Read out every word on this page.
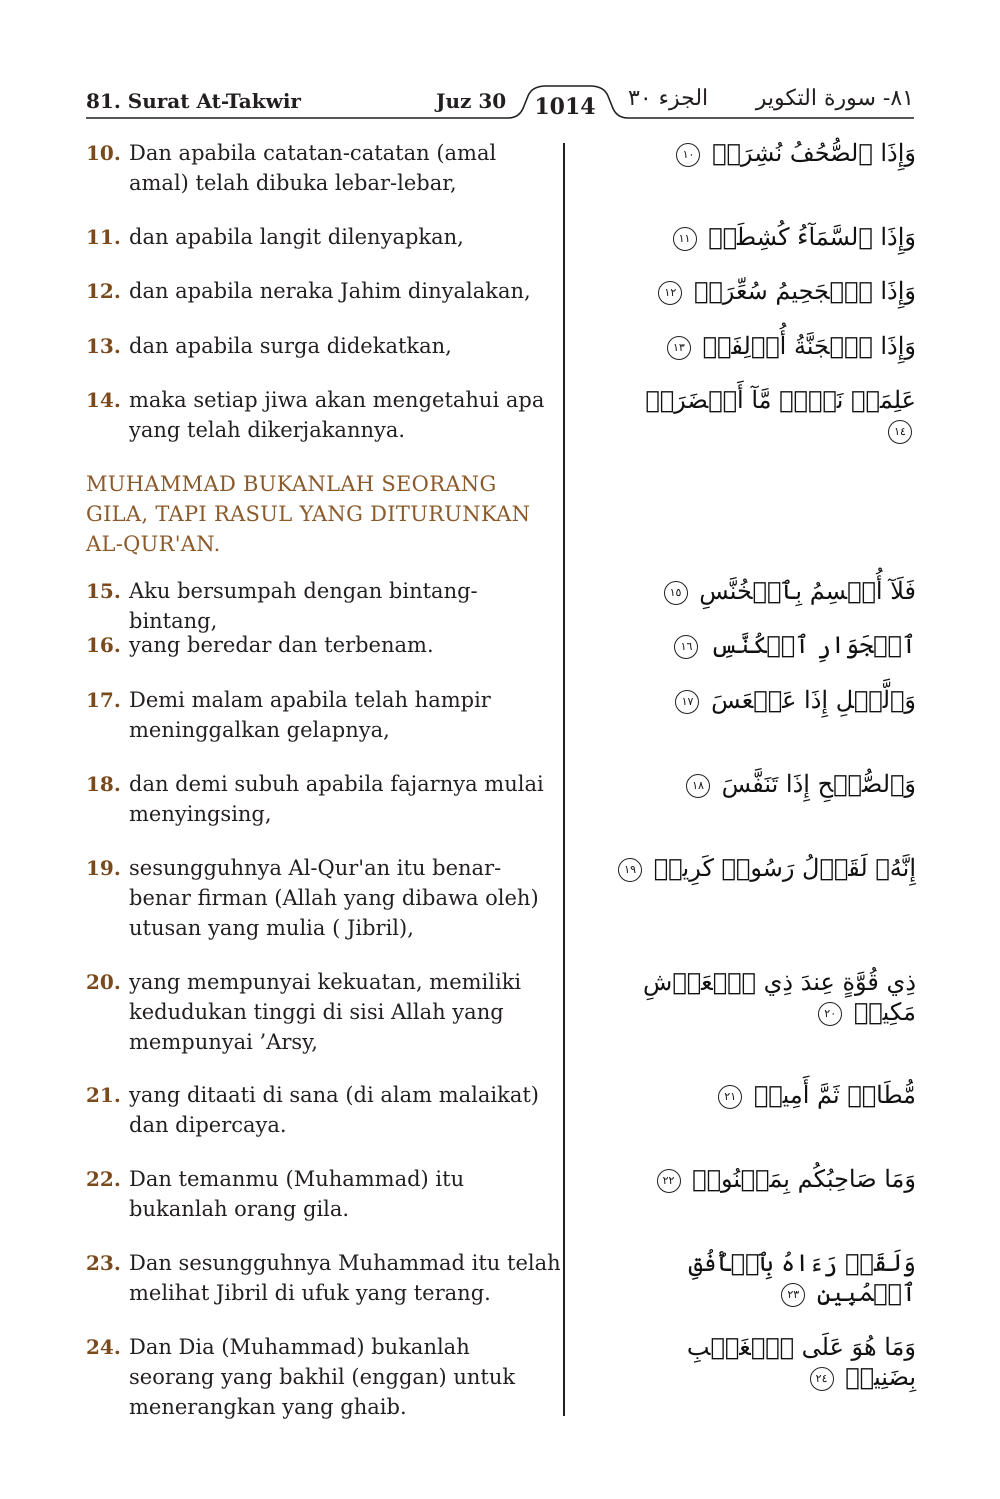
81. Surat At-Takwir	Juz 30	1014	الجزء ٣٠ ٨١- سورة التكوير
10. Dan apabila catatan-catatan (amal amal) telah dibuka lebar-lebar,
وَإِذَا ٱلصُّحُفُ نُشِرَتۡ ١٠
11. dan apabila langit dilenyapkan,	وَإِذَا ٱلسَّمَآءُ كُشِطَتۡ ١١
12. dan apabila neraka Jahim dinyalakan,	وَإِذَا ٱلۡجَحِيمُ سُعِّرَتۡ ١٢
13. dan apabila surga didekatkan,	وَإِذَا ٱلۡجَنَّةُ أُزۡلِفَتۡ ١٣
14. maka setiap jiwa akan mengetahui apa yang telah dikerjakannya.
عَلِمَتۡ نَفۡسٞ مَّآ أَحۡضَرَتۡ ١٤
MUHAMMAD BUKANLAH SEORANG GILA, TAPI RASUL YANG DITURUNKAN AL-QUR'AN.
15. Aku bersumpah dengan bintang-bintang,
فَلَآ أُقۡسِمُ بِٱلۡخُنَّسِ ١٥
16. yang beredar dan terbenam.	ٱلۡجَوَارِ ٱلۡكُنَّسِ ١٦
17. Demi malam apabila telah hampir meninggalkan gelapnya,
وَٱلَّيۡلِ إِذَا عَسۡعَسَ ١٧
18. dan demi subuh apabila fajarnya mulai menyingsing,
وَٱلصُّبۡحِ إِذَا تَنَفَّسَ ١٨
19. sesungguhnya Al-Qur'an itu benar-benar firman (Allah yang dibawa oleh) utusan yang mulia ( Jibril),
إِنَّهُۥ لَقَوۡلُ رَسُولٖ كَرِيمٖ ١٩
20. yang mempunyai kekuatan, memiliki kedudukan tinggi di sisi Allah yang mempunyai ’Arsy,
ذِي قُوَّةٍ عِندَ ذِي ٱلۡعَرۡشِ مَكِينٖ ٢٠
21. yang ditaati di sana (di alam malaikat) dan dipercaya.
مُّطَاعٖ ثَمَّ أَمِينٖ ٢١
22. Dan temanmu (Muhammad) itu bukanlah orang gila.
وَمَا صَاحِبُكُم بِمَجۡنُونٖ ٢٢
23. Dan sesungguhnya Muhammad itu telah melihat Jibril di ufuk yang terang.
وَلَقَدۡ رَءَاهُ بِٱلۡأُفُقِ ٱلۡمُبِينِ ٢٣
24. Dan Dia (Muhammad) bukanlah seorang yang bakhil (enggan) untuk menerangkan yang ghaib.
وَمَا هُوَ عَلَى ٱلۡغَيۡبِ بِضَنِينٖ ٢٤
